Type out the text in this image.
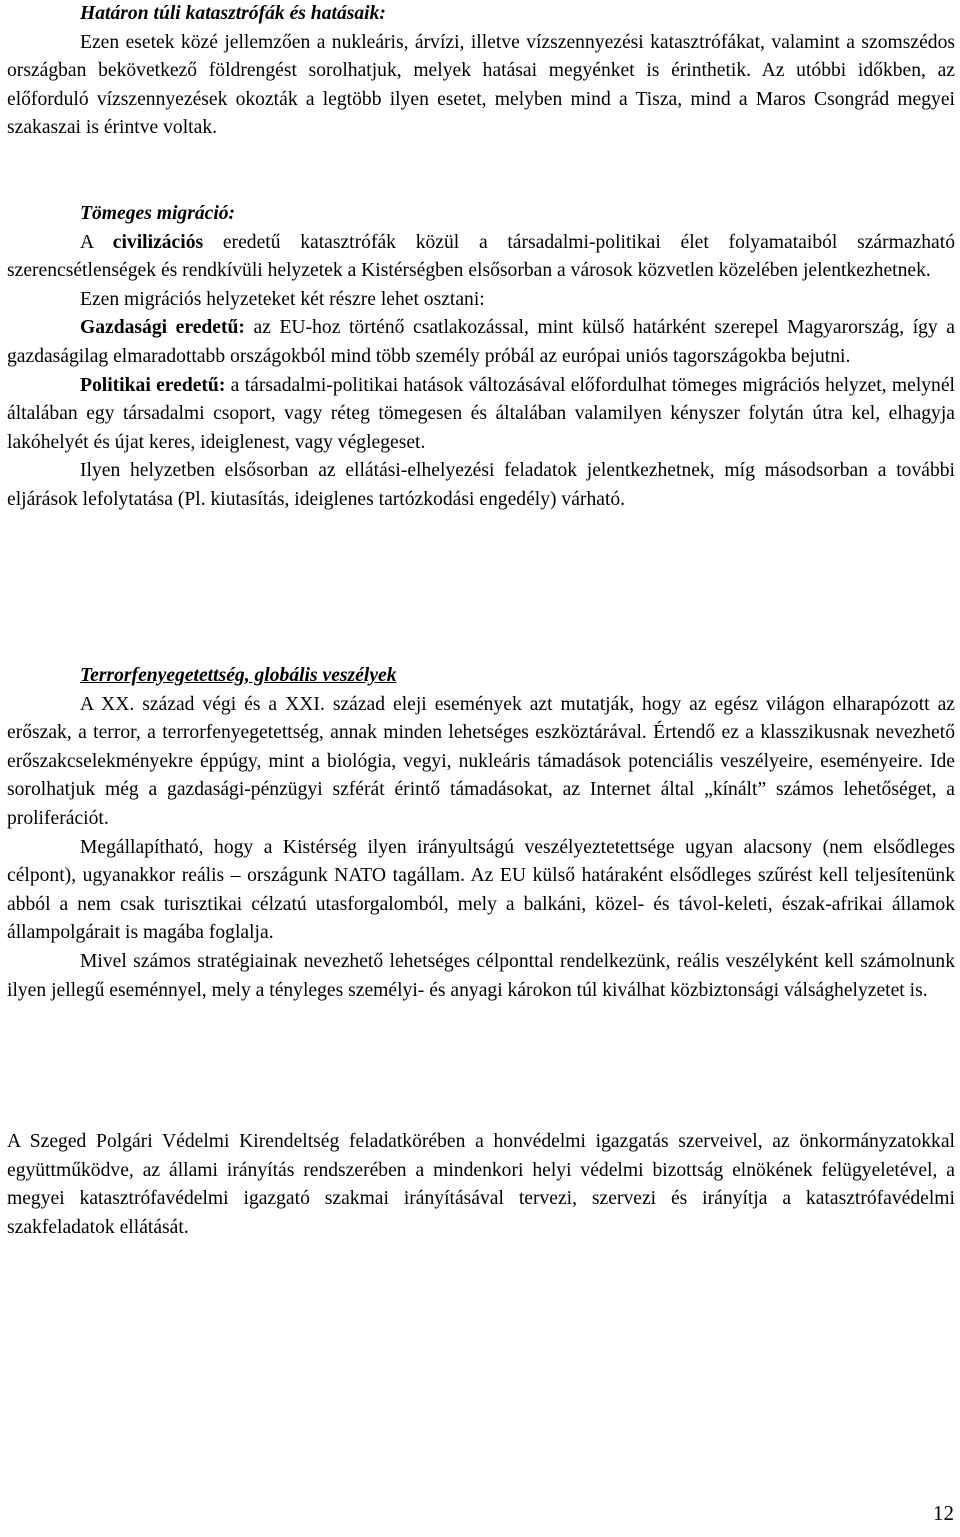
Határon túli katasztrófák és hatásaik:

Ezen esetek közé jellemzően a nukleáris, árvízi, illetve vízszennyezési katasztrófákat, valamint a szomszédos országban bekövetkező földrengést sorolhatjuk, melyek hatásai megyénket is érinthetik. Az utóbbi időkben, az előforduló vízszennyezések okozták a legtöbb ilyen esetet, melyben mind a Tisza, mind a Maros Csongrád megyei szakaszai is érintve voltak.

Tömeges migráció:

A civilizációs eredetű katasztrófák közül a társadalmi-politikai élet folyamataiból származható szerencsétlenségek és rendkívüli helyzetek a Kistérségben elsősorban a városok közvetlen közelében jelentkezhetnek.

Ezen migrációs helyzeteket két részre lehet osztani:

Gazdasági eredetű: az EU-hoz történő csatlakozással, mint külső határként szerepel Magyarország, így a gazdaságilag elmaradottabb országokból mind több személy próbál az európai uniós tagországokba bejutni.

Politikai eredetű: a társadalmi-politikai hatások változásával előfordulhat tömeges migrációs helyzet, melynél általában egy társadalmi csoport, vagy réteg tömegesen és általában valamilyen kényszer folytán útra kel, elhagyja lakóhelyét és újat keres, ideiglenest, vagy véglegeset.

Ilyen helyzetben elsősorban az ellátási-elhelyezési feladatok jelentkezhetnek, míg másodsorban a további eljárások lefolytatása (Pl. kiutasítás, ideiglenes tartózkodási engedély) várható.

Terrorfenyegetettség, globális veszélyek

A XX. század végi és a XXI. század eleji események azt mutatják, hogy az egész világon elharapózott az erőszak, a terror, a terrorfenyegetettség, annak minden lehetséges eszköztárával. Értendő ez a klasszikusnak nevezhető erőszakcselekményekre éppúgy, mint a biológia, vegyi, nukleáris támadások potenciális veszélyeire, eseményeire. Ide sorolhatjuk még a gazdasági-pénzügyi szférát érintő támadásokat, az Internet által „kínált” számos lehetőséget, a proliferációt.

Megállapítható, hogy a Kistérség ilyen irányultságú veszélyeztetettsége ugyan alacsony (nem elsődleges célpont), ugyanakkor reális – országunk NATO tagállam. Az EU külső határaként elsődleges szűrést kell teljesítenünk abból a nem csak turisztikai célzatú utasforgalomból, mely a balkáni, közel- és távol-keleti, észak-afrikai államok állampolgárait is magába foglalja.

Mivel számos stratégiainak nevezhető lehetséges célponttal rendelkezünk, reális veszélyként kell számolnunk ilyen jellegű eseménnyel, mely a tényleges személyi- és anyagi károkon túl kiválhat közbiztonsági válsághelyzetet is.

A Szeged Polgári Védelmi Kirendeltség feladatkörében a honvédelmi igazgatás szerveivel, az önkormányzatokkal együttműködve, az állami irányítás rendszerében a mindenkori helyi védelmi bizottság elnökének felügyeletével, a megyei katasztrófavédelmi igazgató szakmai irányításával tervezi, szervezi és irányítja a katasztrófavédelmi szakfeladatok ellátását.

12
